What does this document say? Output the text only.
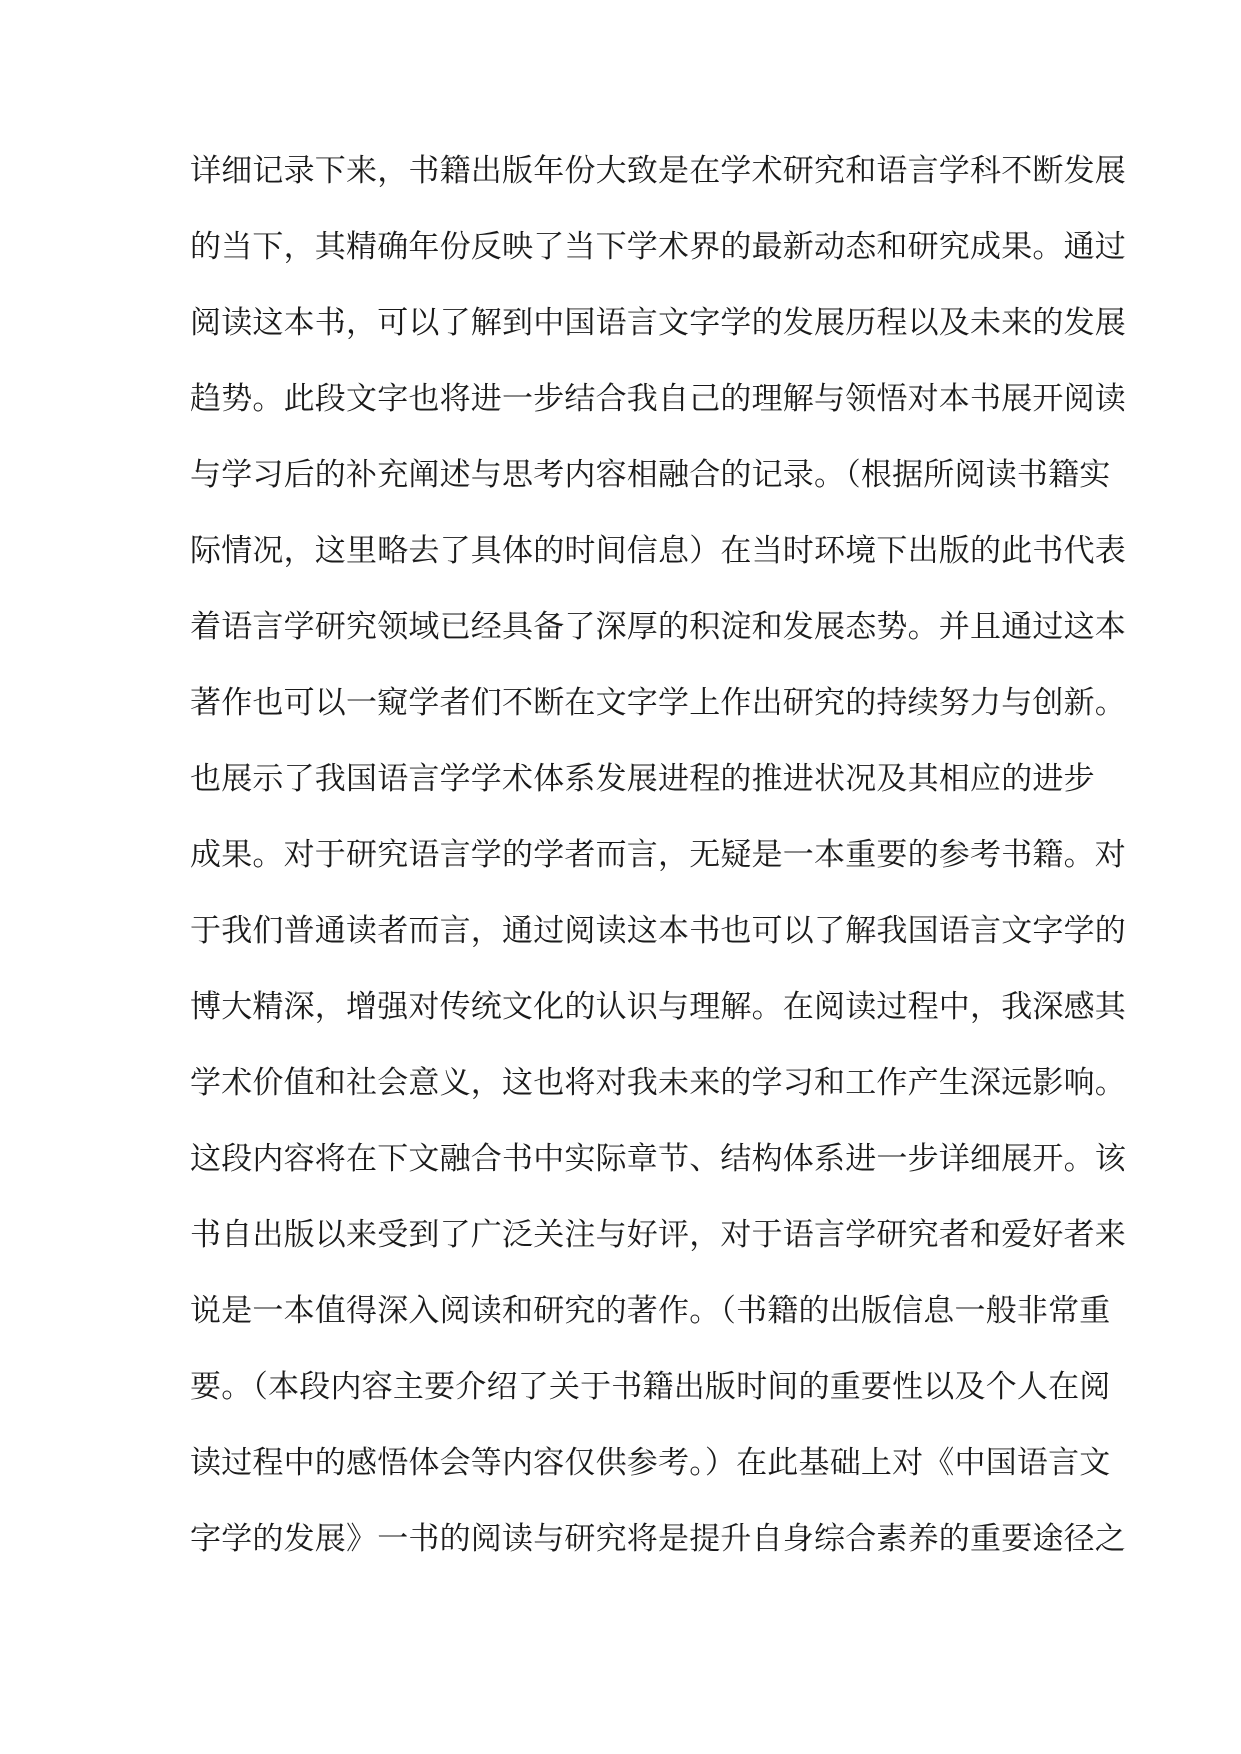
详细记录下来，书籍出版年份大致是在学术研究和语言学科不断发展
的当下，其精确年份反映了当下学术界的最新动态和研究成果。通过
阅读这本书，可以了解到中国语言文字学的发展历程以及未来的发展
趋势。此段文字也将进一步结合我自己的理解与领悟对本书展开阅读
与学习后的补充阐述与思考内容相融合的记录。（根据所阅读书籍实
际情况，这里略去了具体的时间信息）在当时环境下出版的此书代表
着语言学研究领域已经具备了深厚的积淀和发展态势。并且通过这本
著作也可以一窥学者们不断在文字学上作出研究的持续努力与创新。
也展示了我国语言学学术体系发展进程的推进状况及其相应的进步
成果。对于研究语言学的学者而言，无疑是一本重要的参考书籍。对
于我们普通读者而言，通过阅读这本书也可以了解我国语言文字学的
博大精深，增强对传统文化的认识与理解。在阅读过程中，我深感其
学术价值和社会意义，这也将对我未来的学习和工作产生深远影响。
这段内容将在下文融合书中实际章节、结构体系进一步详细展开。该
书自出版以来受到了广泛关注与好评，对于语言学研究者和爱好者来
说是一本值得深入阅读和研究的著作。（书籍的出版信息一般非常重
要。（本段内容主要介绍了关于书籍出版时间的重要性以及个人在阅
读过程中的感悟体会等内容仅供参考。）在此基础上对《中国语言文
字学的发展》一书的阅读与研究将是提升自身综合素养的重要途径之
